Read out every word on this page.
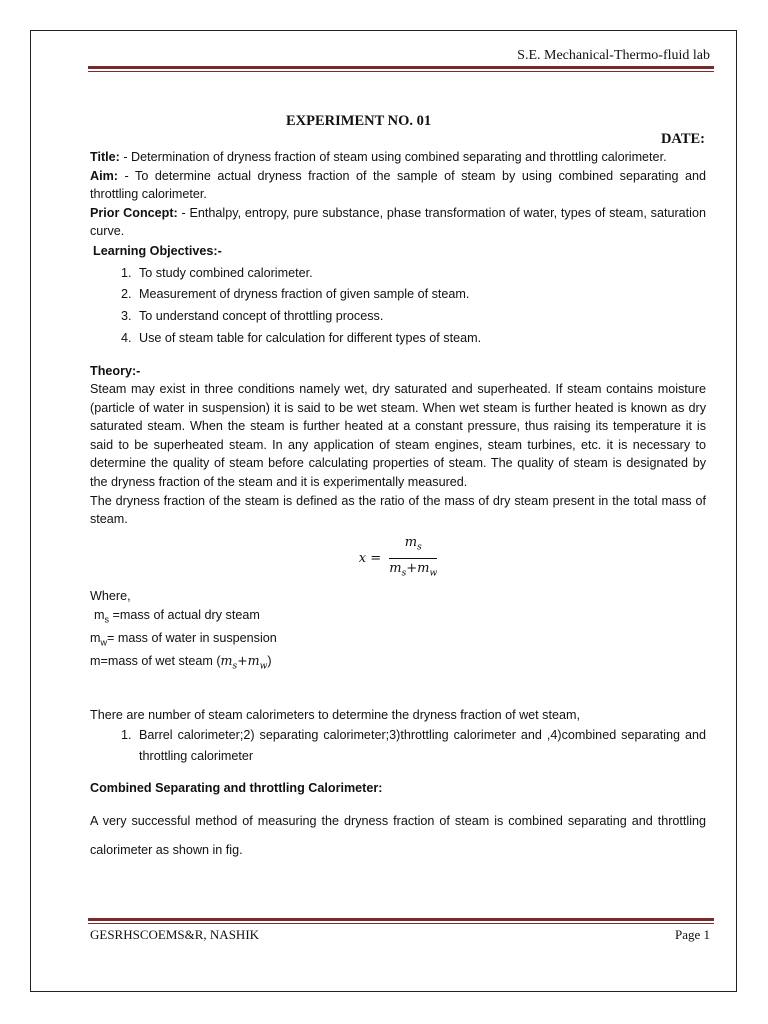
S.E. Mechanical-Thermo-fluid lab
EXPERIMENT NO. 01
DATE:

Title: - Determination of dryness fraction of steam using combined separating and throttling calorimeter.

Aim: - To determine actual dryness fraction of the sample of steam by using combined separating and throttling calorimeter.

Prior Concept: - Enthalpy, entropy, pure substance, phase transformation of water, types of steam, saturation curve.

Learning Objectives:-
1. To study combined calorimeter.
2. Measurement of dryness fraction of given sample of steam.
3. To understand concept of throttling process.
4. Use of steam table for calculation for different types of steam.
Theory:-

Steam may exist in three conditions namely wet, dry saturated and superheated. If steam contains moisture (particle of water in suspension) it is said to be wet steam. When wet steam is further heated is known as dry saturated steam. When the steam is further heated at a constant pressure, thus raising its temperature it is said to be superheated steam. In any application of steam engines, steam turbines, etc. it is necessary to determine the quality of steam before calculating properties of steam. The quality of steam is designated by the dryness fraction of the steam and it is experimentally measured.

The dryness fraction of the steam is defined as the ratio of the mass of dry steam present in the total mass of steam.

$x = \frac{m_s}{m_s+m_w}$
Where,
$m_s$ =mass of actual dry steam
$m_w=$ mass of water in suspension
m=mass of wet steam $(m_s+m_w)$

There are number of steam calorimeters to determine the dryness fraction of wet steam,

1. Barrel calorimeter;2) separating calorimeter;3)throttling calorimeter and ,4)combined separating and throttling calorimeter
Combined Separating and throttling Calorimeter:

A very successful method of measuring the dryness fraction of steam is combined separating and throttling calorimeter as shown in fig.

GESRHSCOEMS&R, NASHIK	Page 1
